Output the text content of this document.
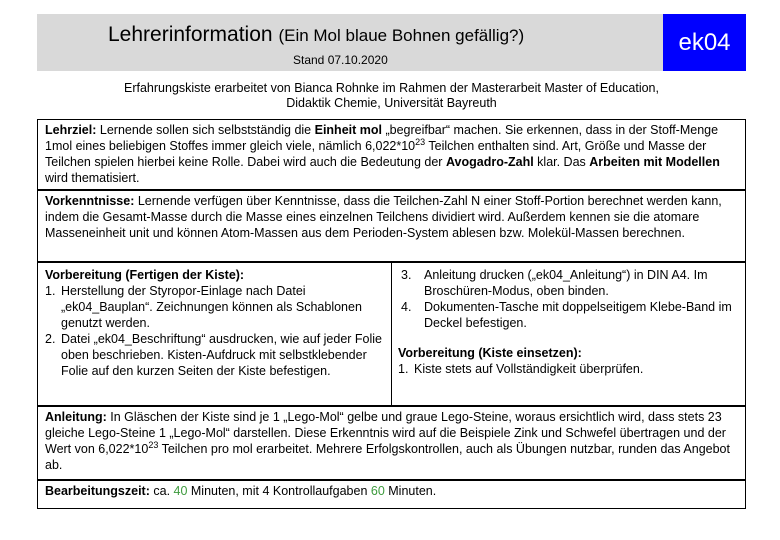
Lehrerinformation (Ein Mol blaue Bohnen gefällig?)
Stand 07.10.2020
ek04
Erfahrungskiste erarbeitet von Bianca Rohnke im Rahmen der Masterarbeit Master of Education,
Didaktik Chemie, Universität Bayreuth
Lehrziel: Lernende sollen sich selbstständig die Einheit mol „begreifbar“ machen. Sie erkennen, dass in der Stoff-Menge 1mol eines beliebigen Stoffes immer gleich viele, nämlich $6,022*10^{23}$ Teilchen enthalten sind. Art, Größe und Masse der Teilchen spielen hierbei keine Rolle. Dabei wird auch die Bedeutung der Avogadro-Zahl klar. Das Arbeiten mit Modellen wird thematisiert.
Vorkenntnisse: Lernende verfügen über Kenntnisse, dass die Teilchen-Zahl N einer Stoff-Portion berechnet werden kann, indem die Gesamt-Masse durch die Masse eines einzelnen Teilchens dividiert wird. Außerdem kennen sie die atomare Masseneinheit unit und können Atom-Massen aus dem Perioden-System ablesen bzw. Molekül-Massen berechnen.
Vorbereitung (Fertigen der Kiste):
1. Herstellung der Styropor-Einlage nach Datei „ek04_Bauplan“. Zeichnungen können als Schablonen genutzt werden.
2. Datei „ek04_Beschriftung“ ausdrucken, wie auf jeder Folie oben beschrieben. Kisten-Aufdruck mit selbstklebender Folie auf den kurzen Seiten der Kiste befestigen.
3. Anleitung drucken („ek04_Anleitung“) in DIN A4. Im Broschüren-Modus, oben binden.
4. Dokumenten-Tasche mit doppelseitigem Klebe-Band im Deckel befestigen.
Vorbereitung (Kiste einsetzen):
1. Kiste stets auf Vollständigkeit überprüfen.
Anleitung: In Gläschen der Kiste sind je 1 „Lego-Mol“ gelbe und graue Lego-Steine, woraus ersichtlich wird, dass stets 23 gleiche Lego-Steine 1 „Lego-Mol“ darstellen. Diese Erkenntnis wird auf die Beispiele Zink und Schwefel übertragen und der Wert von $6,022*10^{23}$ Teilchen pro mol erarbeitet. Mehrere Erfolgskontrollen, auch als Übungen nutzbar, runden das Angebot ab.
Bearbeitungszeit: ca. 40 Minuten, mit 4 Kontrollaufgaben 60 Minuten.
